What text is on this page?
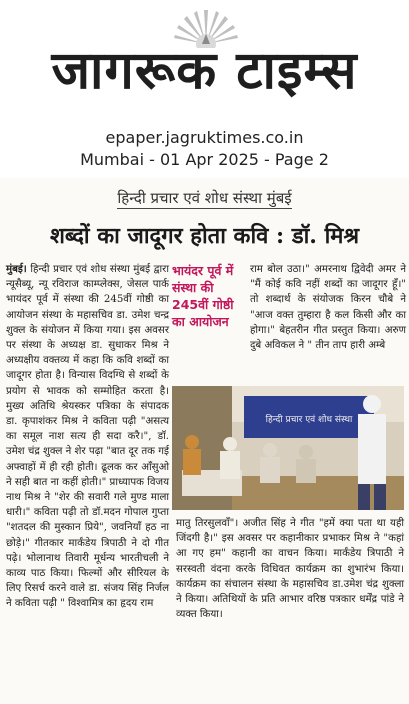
जागरूक टाइम्स
epaper.jagruktimes.co.in
Mumbai - 01 Apr 2025 - Page 2
हिन्दी प्रचार एवं शोध संस्था मुंबई
शब्दों का जादूगर होता कवि : डॉ. मिश्र
मुंबई। हिन्दी प्रचार एवं शोध संस्था मुंबई द्वारा न्यूसैब्यू, न्यू रविराज काम्प्लेक्स, जेसल पार्क भायंदर पूर्व में संस्था की 245वीं गोष्ठी का आयोजन संस्था के महासचिव डा. उमेश चन्द्र शुक्ल के संयोजन में किया गया। इस अवसर पर संस्था के अध्यक्ष डा. सुधाकर मिश्र ने अध्यक्षीय वक्तव्य में कहा कि कवि शब्दों का जादूगर होता है। विन्यास विदग्धि से शब्दों के प्रयोग से भावक को सम्मोहित करता है। मुख्य अतिथि श्रेयस्कर पत्रिका के संपादक डा. कृपाशंकर मिश्र ने कविता पढ़ी "असत्य का समूल नाश सत्य ही सदा करै।", डॉ. उमेश चंद्र शुक्ल ने शेर पढ़ा "बात दूर तक गई अफ्वाहों में ही रही होती। ढूलक कर आँसुओ ने सही बात ना कहीं होती।" प्राध्यापक विजय नाथ मिश्र ने "शेर की सवारी गले मुण्ड माला धारी।" कविता पढ़ी तो डॉ.मदन गोपाल गुप्ता "शतदल की मुस्कान प्रिये", जवनियाँ हठ ना छोड़े।" गीतकार मार्कंडेय त्रिपाठी ने दो गीत पढ़े। भोलानाथ तिवारी मूर्धन्य भारतीचली ने काव्य पाठ किया। फिल्मों और सीरियल के लिए रिसर्च करने वाले डा. संजय सिंह निर्जल ने कविता पढ़ी " विश्वामित्र का हृदय राम
भायंदर पूर्व में संस्था की 245वीं गोष्ठी का आयोजन
राम बोल उठा।" अमरनाथ द्विवेदी अमर ने "मैं कोई कवि नहीं शब्दों का जादूगर हूँ।" तो शब्दार्थ के संयोजक किरन चौबे ने "आज वक्त तुम्हारा है कल किसी और का होगा।" बेहतरीन गीत प्रस्तुत किया। अरुण दुबे अविकल ने " तीन ताप हारी अम्बे
हिन्दी प्रचार एवं शोध संस्था
मातु तिरसुलवाँ"। अजीत सिंह ने गीत "हमें क्या पता था यही जिंदगी है।" इस अवसर पर कहानीकार प्रभाकर मिश्र ने "कहां आ गए हम" कहानी का वाचन किया। मार्कंडेय त्रिपाठी ने सरस्वती वंदना करके विधिवत कार्यक्रम का शुभारंभ किया। कार्यक्रम का संचालन संस्था के महासचिव डा.उमेश चंद्र शुक्ला ने किया। अतिथियों के प्रति आभार वरिष्ठ पत्रकार धर्मेंद्र पांडे ने व्यक्त किया।
